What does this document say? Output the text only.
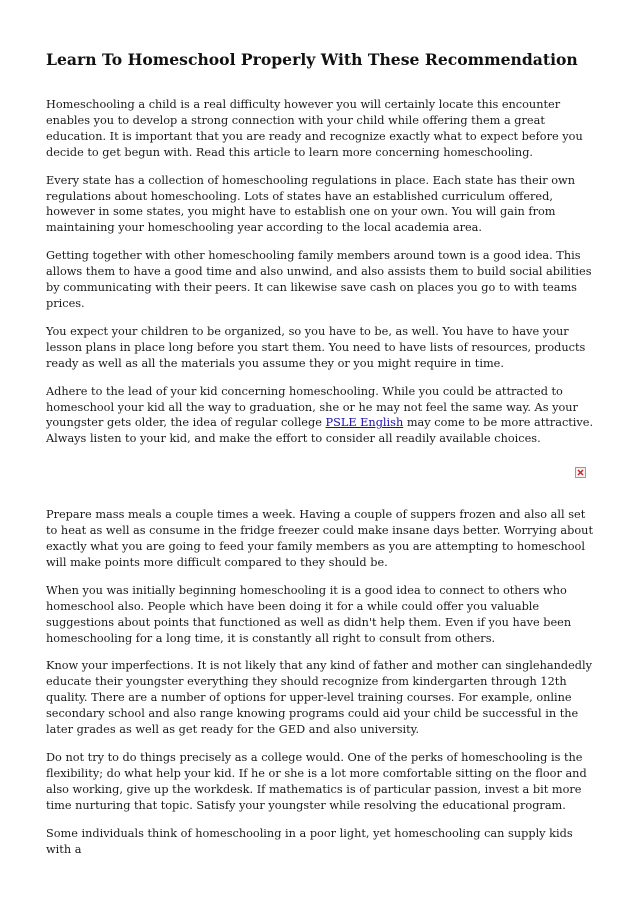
Learn To Homeschool Properly With These Recommendation

Homeschooling a child is a real difficulty however you will certainly locate this encounter enables you to develop a strong connection with your child while offering them a great education. It is important that you are ready and recognize exactly what to expect before you decide to get begun with. Read this article to learn more concerning homeschooling.

Every state has a collection of homeschooling regulations in place. Each state has their own regulations about homeschooling. Lots of states have an established curriculum offered, however in some states, you might have to establish one on your own. You will gain from maintaining your homeschooling year according to the local academia area.

Getting together with other homeschooling family members around town is a good idea. This allows them to have a good time and also unwind, and also assists them to build social abilities by communicating with their peers. It can likewise save cash on places you go to with teams prices.

You expect your children to be organized, so you have to be, as well. You have to have your lesson plans in place long before you start them. You need to have lists of resources, products ready as well as all the materials you assume they or you might require in time.

Adhere to the lead of your kid concerning homeschooling. While you could be attracted to homeschool your kid all the way to graduation, she or he may not feel the same way. As your youngster gets older, the idea of regular college PSLE English may come to be more attractive. Always listen to your kid, and make the effort to consider all readily available choices.

Prepare mass meals a couple times a week. Having a couple of suppers frozen and also all set to heat as well as consume in the fridge freezer could make insane days better. Worrying about exactly what you are going to feed your family members as you are attempting to homeschool will make points more difficult compared to they should be.

When you was initially beginning homeschooling it is a good idea to connect to others who homeschool also. People which have been doing it for a while could offer you valuable suggestions about points that functioned as well as didn't help them. Even if you have been homeschooling for a long time, it is constantly all right to consult from others.

Know your imperfections. It is not likely that any kind of father and mother can singlehandedly educate their youngster everything they should recognize from kindergarten through 12th quality. There are a number of options for upper-level training courses. For example, online secondary school and also range knowing programs could aid your child be successful in the later grades as well as get ready for the GED and also university.

Do not try to do things precisely as a college would. One of the perks of homeschooling is the flexibility; do what help your kid. If he or she is a lot more comfortable sitting on the floor and also working, give up the workdesk. If mathematics is of particular passion, invest a bit more time nurturing that topic. Satisfy your youngster while resolving the educational program.

Some individuals think of homeschooling in a poor light, yet homeschooling can supply kids with a
